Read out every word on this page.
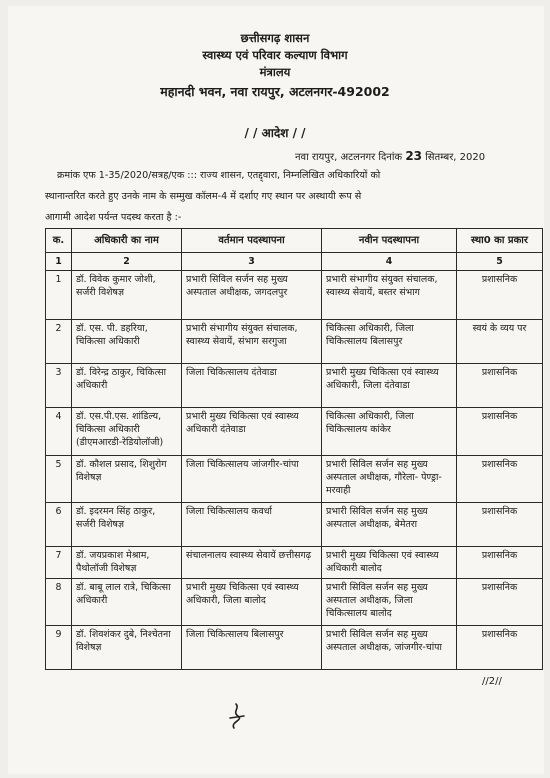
छत्तीसगढ़ शासन
स्वास्थ्य एवं परिवार कल्याण विभाग
मंत्रालय
महानदी भवन, नवा रायपुर, अटलनगर-492002
/ / आदेश / /
नवा रायपुर, अटलनगर दिनांक 23 सितम्बर, 2020
क्रमांक एफ 1-35/2020/सत्रह/एक ::: राज्य शासन, एतद्द्वारा, निम्नलिखित अधिकारियों को
स्थानान्तरित करते हुए उनके नाम के सम्मुख कॉलम-4 में दर्शाए गए स्थान पर अस्थायी रूप से
आगामी आदेश पर्यन्त पदस्थ करता है :-
क.	अधिकारी का नाम	वर्तमान पदस्थापना	नवीन पदस्थापना	स्था0 का प्रकार
1	2	3	4	5
1	डॉ. विवेक कुमार जोशी, सर्जरी विशेषज्ञ	प्रभारी सिविल सर्जन सह मुख्य अस्पताल अधीक्षक, जगदलपुर	प्रभारी संभागीय संयुक्त संचालक, स्वास्थ्य सेवायें, बस्तर संभाग	प्रशासनिक
2	डॉ. एस. पी. डहरिया, चिकित्सा अधिकारी	प्रभारी संभागीय संयुक्त संचालक, स्वास्थ्य सेवायें, संभाग सरगुजा	चिकित्सा अधिकारी, जिला चिकित्सालय बिलासपुर	स्वयं के व्यय पर
3	डॉ. विरेन्द्र ठाकुर, चिकित्सा अधिकारी	जिला चिकित्सालय दंतेवाडा	प्रभारी मुख्य चिकित्सा एवं स्वास्थ्य अधिकारी, जिला दंतेवाडा	प्रशासनिक
4	डॉ. एस.पी.एस. शांडिल्य, चिकित्सा अधिकारी (डीएमआरडी-रेडियोलॉजी)	प्रभारी मुख्य चिकित्सा एवं स्वास्थ्य अधिकारी दंतेवाडा	चिकित्सा अधिकारी, जिला चिकित्सालय कांकेर	प्रशासनिक
5	डॉ. कौशल प्रसाद, शिशुरोग विशेषज्ञ	जिला चिकित्सालय जांजगीर-चांपा	प्रभारी सिविल सर्जन सह मुख्य अस्पताल अधीक्षक, गौरेला- पेण्ड्रा-मरवाही	प्रशासनिक
6	डॉ. इदरमन सिंह ठाकुर, सर्जरी विशेषज्ञ	जिला चिकित्सालय कवर्धा	प्रभारी सिविल सर्जन सह मुख्य अस्पताल अधीक्षक, बेमेतरा	प्रशासनिक
7	डॉ. जयप्रकाश मेश्राम, पैथोलॉजी विशेषज्ञ	संचालनालय स्वास्थ्य सेवायें छत्तीसगढ़	प्रभारी मुख्य चिकित्सा एवं स्वास्थ्य अधिकारी बालोद	प्रशासनिक
8	डॉ. बाबू लाल रात्रे, चिकित्सा अधिकारी	प्रभारी मुख्य चिकित्सा एवं स्वास्थ्य अधिकारी, जिला बालोद	प्रभारी सिविल सर्जन सह मुख्य अस्पताल अधीक्षक, जिला चिकित्सालय बालोद	प्रशासनिक
9	डॉ. शिवशंकर दुबे, निश्चेतना विशेषज्ञ	जिला चिकित्सालय बिलासपुर	प्रभारी सिविल सर्जन सह मुख्य अस्पताल अधीक्षक, जांजगीर-चांपा	प्रशासनिक
//2//
